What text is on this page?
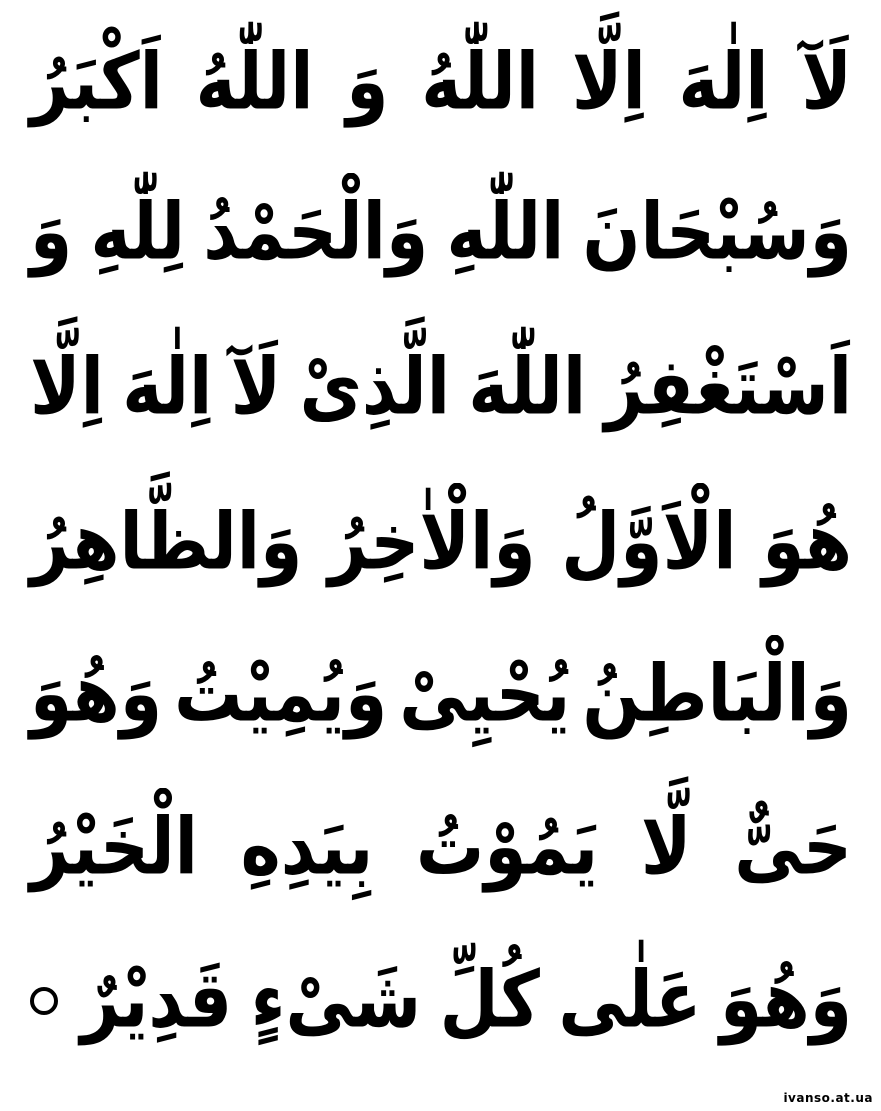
لَآ
اِلٰهَ
اِلَّا
اللّٰهُ
وَ
اللّٰهُ
اَكْبَرُ
وَسُبْحَانَ
اللّٰهِ
وَالْحَمْدُ
لِلّٰهِ
وَ
اَسْتَغْفِرُ
اللّٰهَ
الَّذِىْ
لَآ
اِلٰهَ
اِلَّا
هُوَ
الْاَوَّلُ
وَالْاٰخِرُ
وَالظَّاهِرُ
وَالْبَاطِنُ
يُحْيِىْ
وَيُمِيْتُ
وَهُوَ
حَىٌّ
لَّا
يَمُوْتُ
بِيَدِهِ
الْخَيْرُ
وَهُوَ
عَلٰى
كُلِّ
شَىْءٍ
قَدِيْرٌ
ivanso.at.ua
